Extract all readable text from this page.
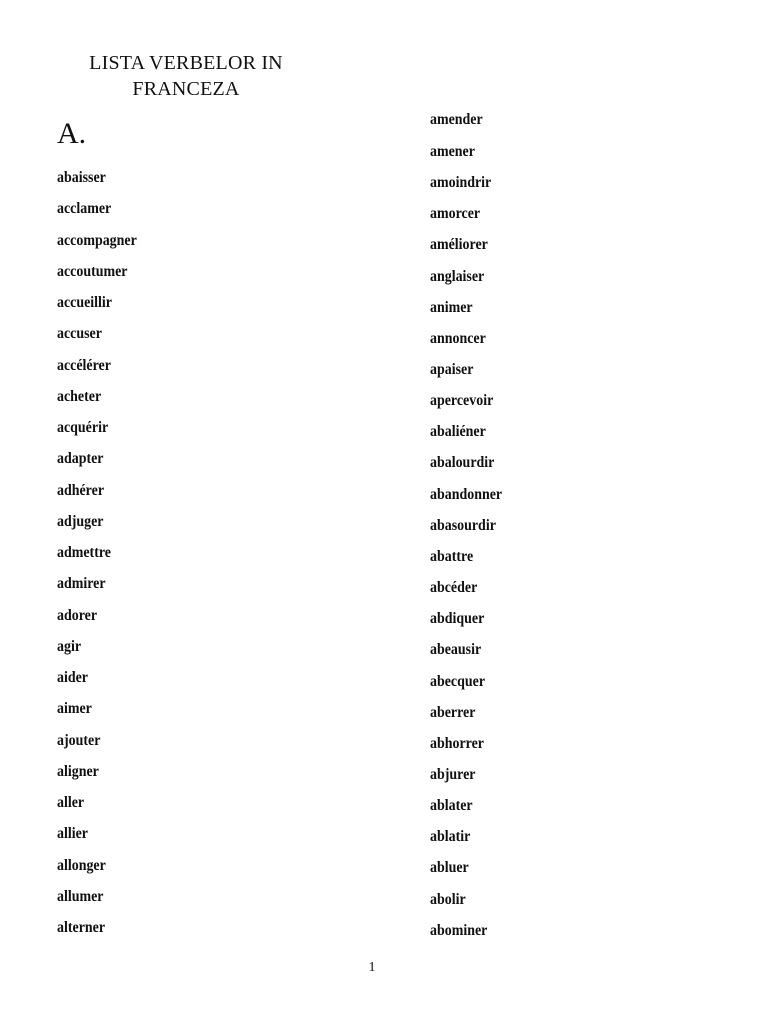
LISTA VERBELOR IN
FRANCEZA
A.
abaisser
acclamer
accompagner
accoutumer
accueillir
accuser
accélérer
acheter
acquérir
adapter
adhérer
adjuger
admettre
admirer
adorer
agir
aider
aimer
ajouter
aligner
aller
allier
allonger
allumer
alterner
amender
amener
amoindrir
amorcer
améliorer
anglaiser
animer
annoncer
apaiser
apercevoir
abaliéner
abalourdir
abandonner
abasourdir
abattre
abcéder
abdiquer
abeausir
abecquer
aberrer
abhorrer
abjurer
ablater
ablatir
abluer
abolir
abominer
1
